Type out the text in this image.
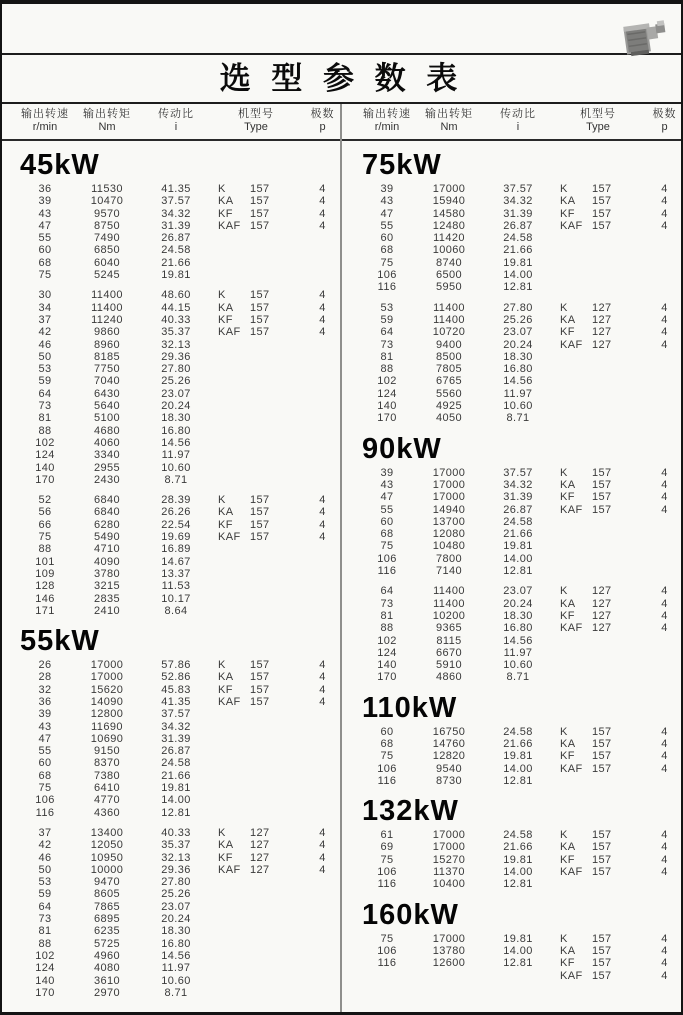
选 型 参 数 表
输出转速	输出转矩	传动比	机型号	极数
r/min	Nm	i	Type	p
输出转速	输出转矩	传动比	机型号	极数
r/min	Nm	i	Type	p
45kW
36	11530	41.35	K	157	4
39	10470	37.57	KA	157	4
43	9570	34.32	KF	157	4
47	8750	31.39	KAF 157	4
55	7490	26.87
60	6850	24.58
68	6040	21.66
75	5245	19.81
30	11400	48.60	K	157	4
34	11400	44.15	KA	157	4
37	11240	40.33	KF	157	4
42	9860	35.37	KAF 157	4
46	8960	32.13
50	8185	29.36
53	7750	27.80
59	7040	25.26
64	6430	23.07
73	5640	20.24
81	5100	18.30
88	4680	16.80
102	4060	14.56
124	3340	11.97
140	2955	10.60
170	2430	8.71
52	6840	28.39	K	157	4
56	6840	26.26	KA	157	4
66	6280	22.54	KF	157	4
75	5490	19.69	KAF 157	4
88	4710	16.89
101	4090	14.67
109	3780	13.37
128	3215	11.53
146	2835	10.17
171	2410	8.64
55kW
26	17000	57.86	K	157	4
28	17000	52.86	KA	157	4
32	15620	45.83	KF	157	4
36	14090	41.35	KAF 157	4
39	12800	37.57
43	11690	34.32
47	10690	31.39
55	9150	26.87
60	8370	24.58
68	7380	21.66
75	6410	19.81
106	4770	14.00
116	4360	12.81
37	13400	40.33	K	127	4
42	12050	35.37	KA	127	4
46	10950	32.13	KF	127	4
50	10000	29.36	KAF 127	4
53	9470	27.80
59	8605	25.26
64	7865	23.07
73	6895	20.24
81	6235	18.30
88	5725	16.80
102	4960	14.56
124	4080	11.97
140	3610	10.60
170	2970	8.71
75kW
39	17000	37.57	K	157	4
43	15940	34.32	KA	157	4
47	14580	31.39	KF	157	4
55	12480	26.87	KAF 157	4
60	11420	24.58
68	10060	21.66
75	8740	19.81
106	6500	14.00
116	5950	12.81
53	11400	27.80	K	127	4
59	11400	25.26	KA	127	4
64	10720	23.07	KF	127	4
73	9400	20.24	KAF 127	4
81	8500	18.30
88	7805	16.80
102	6765	14.56
124	5560	11.97
140	4925	10.60
170	4050	8.71
90kW
39	17000	37.57	K	157	4
43	17000	34.32	KA	157	4
47	17000	31.39	KF	157	4
55	14940	26.87	KAF 157	4
60	13700	24.58
68	12080	21.66
75	10480	19.81
106	7800	14.00
116	7140	12.81
64	11400	23.07	K	127	4
73	11400	20.24	KA	127	4
81	10200	18.30	KF	127	4
88	9365	16.80	KAF 127	4
102	8115	14.56
124	6670	11.97
140	5910	10.60
170	4860	8.71
110kW
60	16750	24.58	K	157	4
68	14760	21.66	KA	157	4
75	12820	19.81	KF	157	4
106	9540	14.00	KAF 157	4
116	8730	12.81
132kW
61	17000	24.58	K	157	4
69	17000	21.66	KA	157	4
75	15270	19.81	KF	157	4
106	11370	14.00	KAF 157	4
116	10400	12.81
160kW
75	17000	19.81	K	157	4
106	13780	14.00	KA	157	4
116	12600	12.81	KF	157	4
KAF 157	4
